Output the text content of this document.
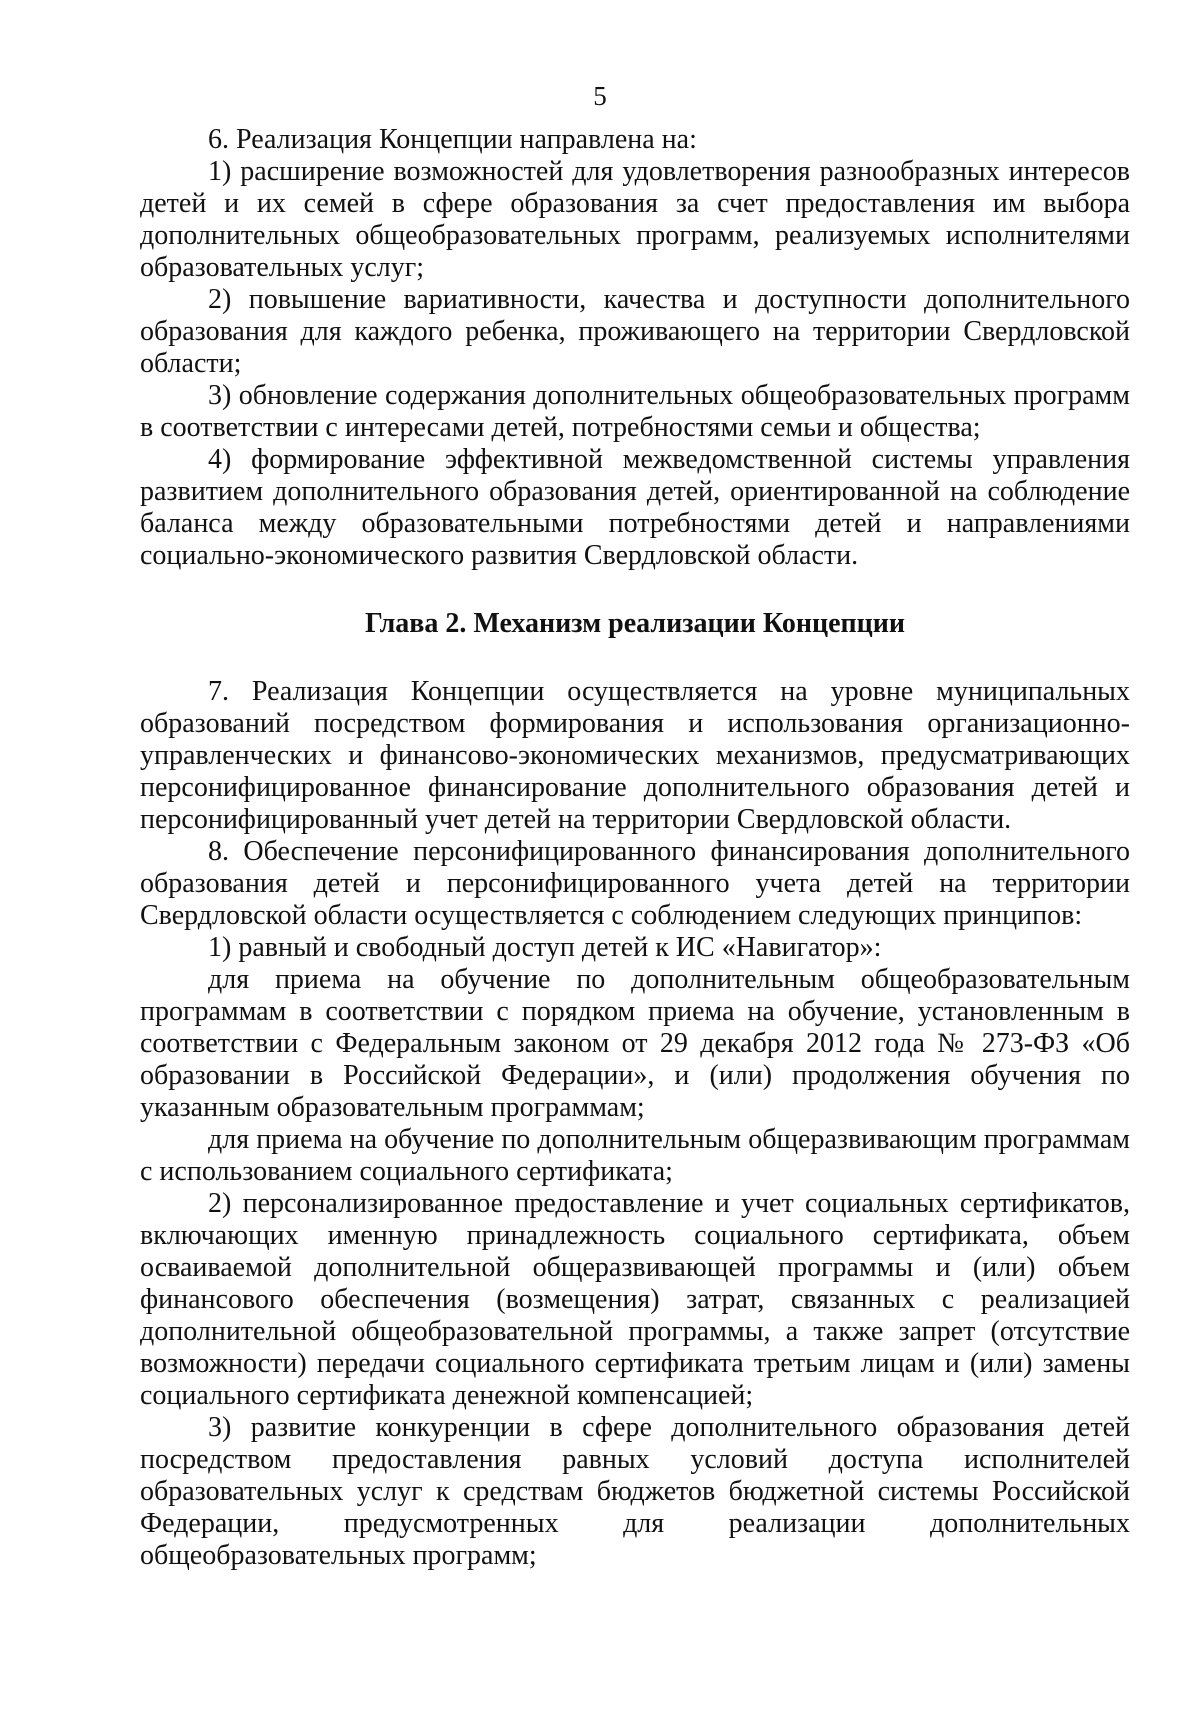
5

6. Реализация Концепции направлена на:

1) расширение возможностей для удовлетворения разнообразных интересов детей и их семей в сфере образования за счет предоставления им выбора дополнительных общеобразовательных программ, реализуемых исполнителями образовательных услуг;

2) повышение вариативности, качества и доступности дополнительного образования для каждого ребенка, проживающего на территории Свердловской области;

3) обновление содержания дополнительных общеобразовательных программ в соответствии с интересами детей, потребностями семьи и общества;

4) формирование эффективной межведомственной системы управления развитием дополнительного образования детей, ориентированной на соблюдение баланса между образовательными потребностями детей и направлениями социально-экономического развития Свердловской области.

Глава 2. Механизм реализации Концепции

7. Реализация Концепции осуществляется на уровне муниципальных образований посредством формирования и использования организационно-управленческих и финансово-экономических механизмов, предусматривающих персонифицированное финансирование дополнительного образования детей и персонифицированный учет детей на территории Свердловской области.

8. Обеспечение персонифицированного финансирования дополнительного образования детей и персонифицированного учета детей на территории Свердловской области осуществляется с соблюдением следующих принципов:

1) равный и свободный доступ детей к ИС «Навигатор»:

для приема на обучение по дополнительным общеобразовательным программам в соответствии с порядком приема на обучение, установленным в соответствии с Федеральным законом от 29 декабря 2012 года № 273-ФЗ «Об образовании в Российской Федерации», и (или) продолжения обучения по указанным образовательным программам;

для приема на обучение по дополнительным общеразвивающим программам с использованием социального сертификата;

2) персонализированное предоставление и учет социальных сертификатов, включающих именную принадлежность социального сертификата, объем осваиваемой дополнительной общеразвивающей программы и (или) объем финансового обеспечения (возмещения) затрат, связанных с реализацией дополнительной общеобразовательной программы, а также запрет (отсутствие возможности) передачи социального сертификата третьим лицам и (или) замены социального сертификата денежной компенсацией;

3) развитие конкуренции в сфере дополнительного образования детей посредством предоставления равных условий доступа исполнителей образовательных услуг к средствам бюджетов бюджетной системы Российской Федерации, предусмотренных для реализации дополнительных общеобразовательных программ;
